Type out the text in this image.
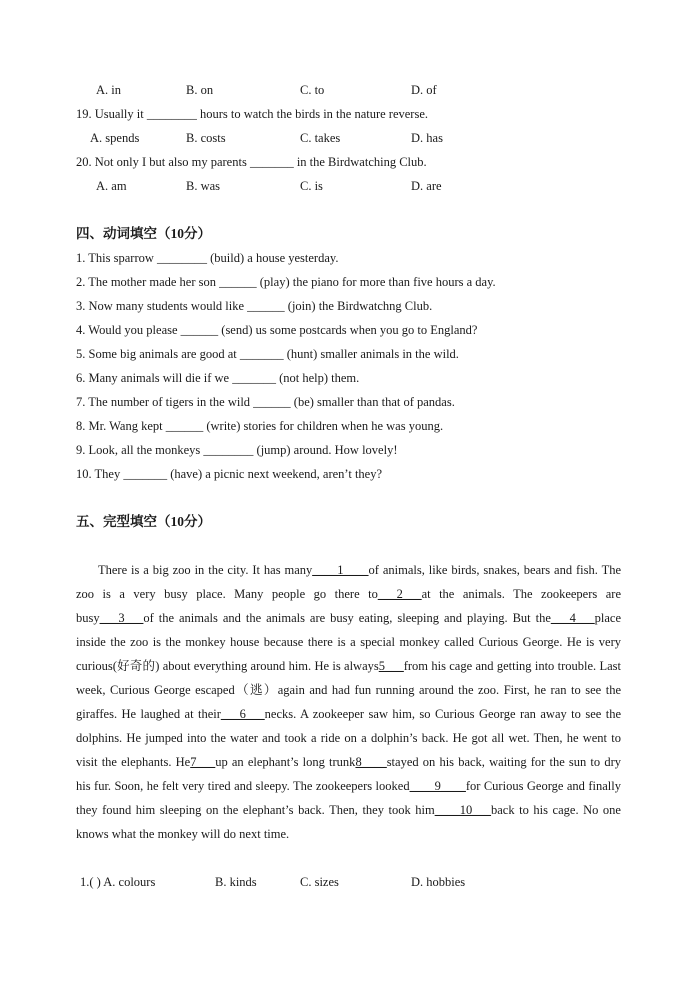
A. in	B. on	C. to	D. of
19. Usually it ________ hours to watch the birds in the nature reverse.
A. spends	B. costs	C. takes	D. has
20. Not only I but also my parents _______ in the Birdwatching Club.
A. am	B. was	C. is	D. are
四、动词填空（10分）
1. This sparrow ________ (build) a house yesterday.
2. The mother made her son ______ (play) the piano for more than five hours a day.
3. Now many students would like ______ (join) the Birdwatchng Club.
4. Would you please ______ (send) us some postcards when you go to England?
5. Some big animals are good at _______ (hunt) smaller animals in the wild.
6. Many animals will die if we _______ (not help) them.
7. The number of tigers in the wild ______ (be) smaller than that of pandas.
8. Mr. Wang kept ______ (write) stories for children when he was young.
9. Look, all the monkeys ________ (jump) around. How lovely!
10. They _______ (have) a picnic next weekend, aren’t they?
五、完型填空（10分）

There is a big zoo in the city. It has many____1____of animals, like birds, snakes, bears and fish. The zoo is a very busy place. Many people go there to___2___at the animals. The zookeepers are busy___3___of the animals and the animals are busy eating, sleeping and playing. But the___4___place inside the zoo is the monkey house because there is a special monkey called Curious George. He is very curious(好奇的) about everything around him. He is always5___from his cage and getting into trouble. Last week, Curious George escaped（逃）again and had fun running around the zoo. First, he ran to see the giraffes. He laughed at their___6___necks. A zookeeper saw him, so Curious George ran away to see the dolphins. He jumped into the water and took a ride on a dolphin’s back. He got all wet. Then, he went to visit the elephants. He7___up an elephant’s long trunk8____stayed on his back, waiting for the sun to dry his fur. Soon, he felt very tired and sleepy. The zookeepers looked____9____for Curious George and finally they found him sleeping on the elephant’s back. Then, they took him____10___back to his cage. No one knows what the monkey will do next time.

1.( ) A. colours	B. kinds	C. sizes	D. hobbies
